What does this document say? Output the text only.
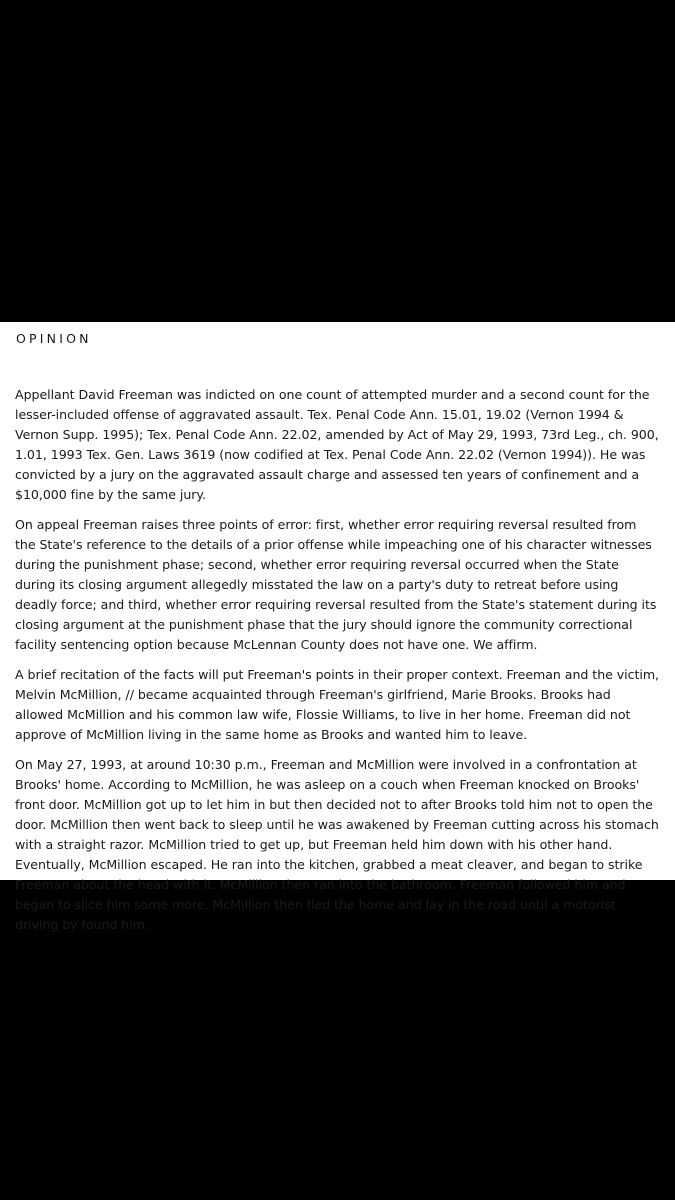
OPINION

Appellant David Freeman was indicted on one count of attempted murder and a second count for the lesser-included offense of aggravated assault. Tex. Penal Code Ann. 15.01, 19.02 (Vernon 1994 & Vernon Supp. 1995); Tex. Penal Code Ann. 22.02, amended by Act of May 29, 1993, 73rd Leg., ch. 900, 1.01, 1993 Tex. Gen. Laws 3619 (now codified at Tex. Penal Code Ann. 22.02 (Vernon 1994)). He was convicted by a jury on the aggravated assault charge and assessed ten years of confinement and a $10,000 fine by the same jury.

On appeal Freeman raises three points of error: first, whether error requiring reversal resulted from the State's reference to the details of a prior offense while impeaching one of his character witnesses during the punishment phase; second, whether error requiring reversal occurred when the State during its closing argument allegedly misstated the law on a party's duty to retreat before using deadly force; and third, whether error requiring reversal resulted from the State's statement during its closing argument at the punishment phase that the jury should ignore the community correctional facility sentencing option because McLennan County does not have one. We affirm.

A brief recitation of the facts will put Freeman's points in their proper context. Freeman and the victim, Melvin McMillion, // became acquainted through Freeman's girlfriend, Marie Brooks. Brooks had allowed McMillion and his common law wife, Flossie Williams, to live in her home. Freeman did not approve of McMillion living in the same home as Brooks and wanted him to leave.

On May 27, 1993, at around 10:30 p.m., Freeman and McMillion were involved in a confrontation at Brooks' home. According to McMillion, he was asleep on a couch when Freeman knocked on Brooks' front door. McMillion got up to let him in but then decided not to after Brooks told him not to open the door. McMillion then went back to sleep until he was awakened by Freeman cutting across his stomach with a straight razor. McMillion tried to get up, but Freeman held him down with his other hand. Eventually, McMillion escaped. He ran into the kitchen, grabbed a meat cleaver, and began to strike Freeman about the head with it. McMillion then ran into the bathroom. Freeman followed him and began to slice him some more. McMillion then fled the home and lay in the road until a motorist driving by found him.
